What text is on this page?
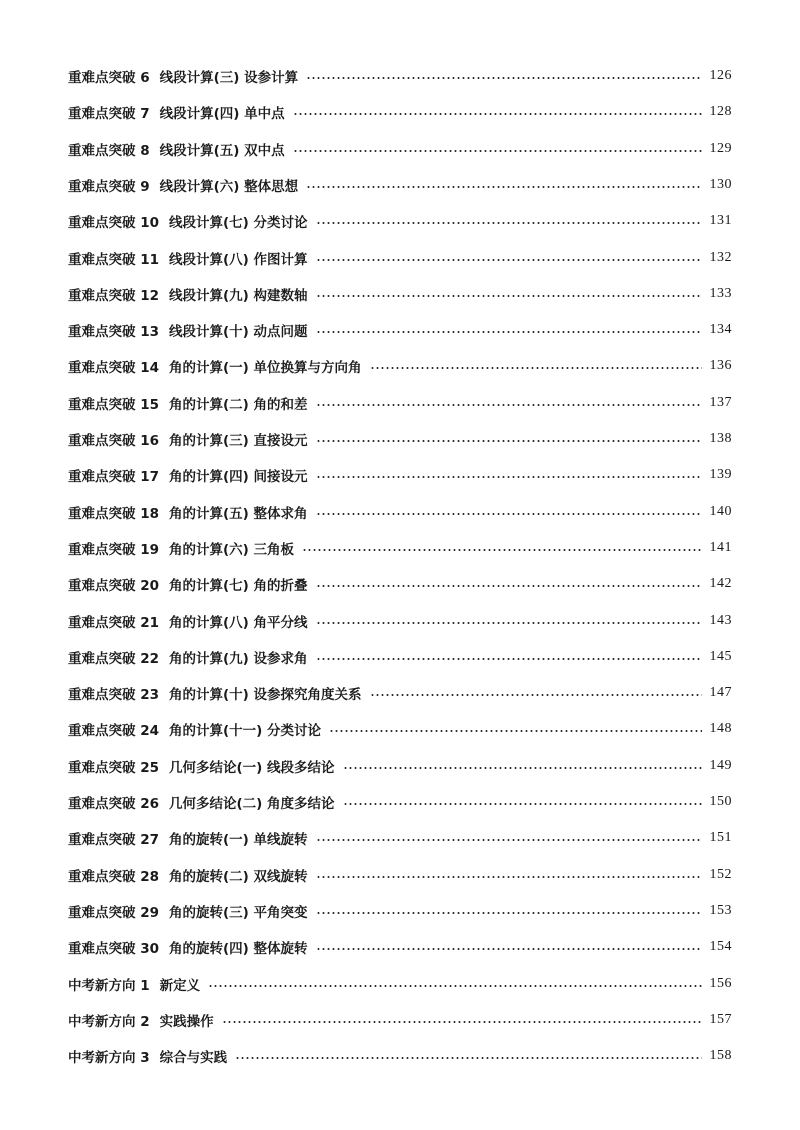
重难点突破 6 线段计算(三) 设参计算	126
重难点突破 7 线段计算(四) 单中点	128
重难点突破 8 线段计算(五) 双中点	129
重难点突破 9 线段计算(六) 整体思想	130
重难点突破 10 线段计算(七) 分类讨论	131
重难点突破 11 线段计算(八) 作图计算	132
重难点突破 12 线段计算(九) 构建数轴	133
重难点突破 13 线段计算(十) 动点问题	134
重难点突破 14 角的计算(一) 单位换算与方向角	136
重难点突破 15 角的计算(二) 角的和差	137
重难点突破 16 角的计算(三) 直接设元	138
重难点突破 17 角的计算(四) 间接设元	139
重难点突破 18 角的计算(五) 整体求角	140
重难点突破 19 角的计算(六) 三角板	141
重难点突破 20 角的计算(七) 角的折叠	142
重难点突破 21 角的计算(八) 角平分线	143
重难点突破 22 角的计算(九) 设参求角	145
重难点突破 23 角的计算(十) 设参探究角度关系	147
重难点突破 24 角的计算(十一) 分类讨论	148
重难点突破 25 几何多结论(一) 线段多结论	149
重难点突破 26 几何多结论(二) 角度多结论	150
重难点突破 27 角的旋转(一) 单线旋转	151
重难点突破 28 角的旋转(二) 双线旋转	152
重难点突破 29 角的旋转(三) 平角突变	153
重难点突破 30 角的旋转(四) 整体旋转	154
中考新方向 1 新定义	156
中考新方向 2 实践操作	157
中考新方向 3 综合与实践	158
